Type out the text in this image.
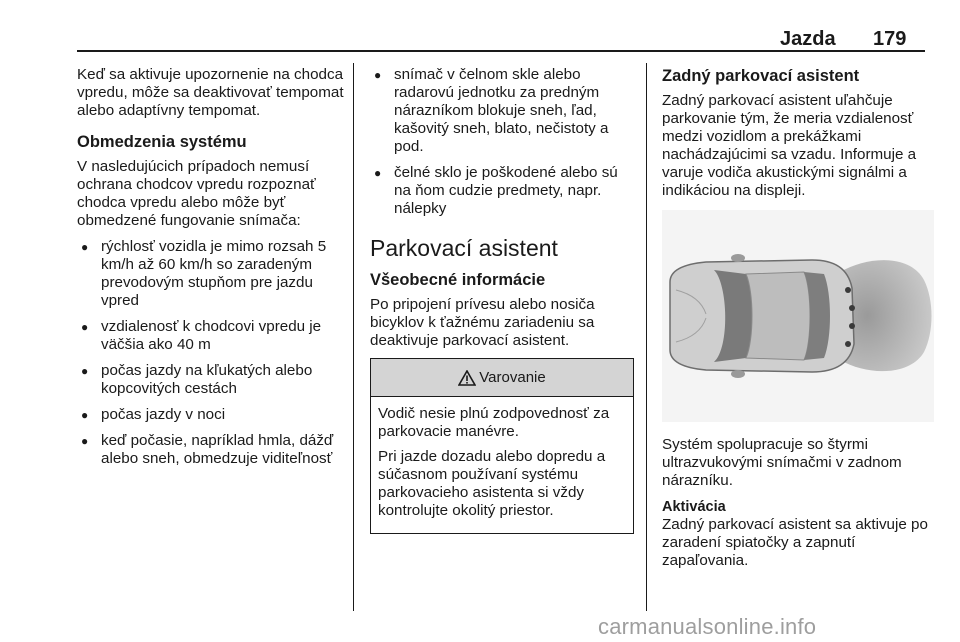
Jazda 179

Keď sa aktivuje upozornenie na chodca vpredu, môže sa deaktivovať tempomat alebo adaptívny tempomat.

Obmedzenia systému

V nasledujúcich prípadoch nemusí ochrana chodcov vpredu rozpoznať chodca vpredu alebo môže byť obmedzené fungovanie snímača:

● rýchlosť vozidla je mimo rozsah 5 km/h až 60 km/h so zaradeným prevodovým stupňom pre jazdu vpred
● vzdialenosť k chodcovi vpredu je väčšia ako 40 m
● počas jazdy na kľukatých alebo kopcovitých cestách
● počas jazdy v noci
● keď počasie, napríklad hmla, dážď alebo sneh, obmedzuje viditeľnosť
● snímač v čelnom skle alebo radarovú jednotku za predným nárazníkom blokuje sneh, ľad, kašovitý sneh, blato, nečistoty a pod.
● čelné sklo je poškodené alebo sú na ňom cudzie predmety, napr. nálepky
Parkovací asistent
Všeobecné informácie

Po pripojení prívesu alebo nosiča bicyklov k ťažnému zariadeniu sa deaktivuje parkovací asistent.

Varovanie

Vodič nesie plnú zodpovednosť za parkovacie manévre.

Pri jazde dozadu alebo dopredu a súčasnom používaní systému parkovacieho asistenta si vždy kontrolujte okolitý priestor.

Zadný parkovací asistent

Zadný parkovací asistent uľahčuje parkovanie tým, že meria vzdialenosť medzi vozidlom a prekážkami nachádzajúcimi sa vzadu. Informuje a varuje vodiča akustickými signálmi a indikáciou na displeji.

Systém spolupracuje so štyrmi ultrazvukovými snímačmi v zadnom nárazníku.

Aktivácia

Zadný parkovací asistent sa aktivuje po zaradení spiatočky a zapnutí zapaľovania.

carmanualsonline.info
